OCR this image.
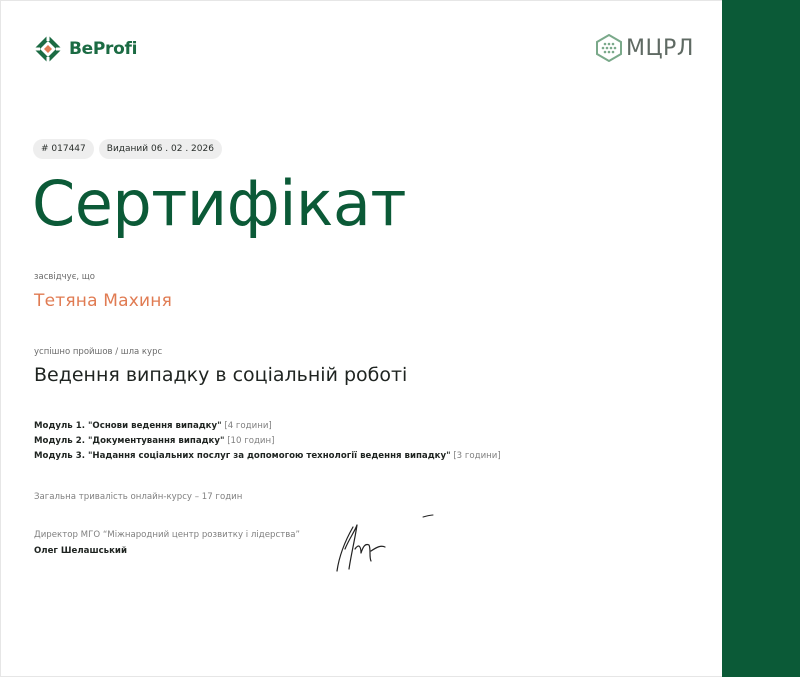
BeProfi	МЦРЛ
# 017447	Виданий 06 . 02 . 2026
Сертифікат
засвідчує, що
Тетяна Махиня
успішно пройшов / шла курс
Ведення випадку в соціальній роботі
Модуль 1. "Основи ведення випадку" [4 години]
Модуль 2. "Документування випадку" [10 годин]
Модуль 3. "Надання соціальних послуг за допомогою технології ведення випадку" [3 години]
Загальна тривалість онлайн-курсу – 17 годин
Директор МГО “Міжнародний центр розвитку і лідерства”
Олег Шелашський
